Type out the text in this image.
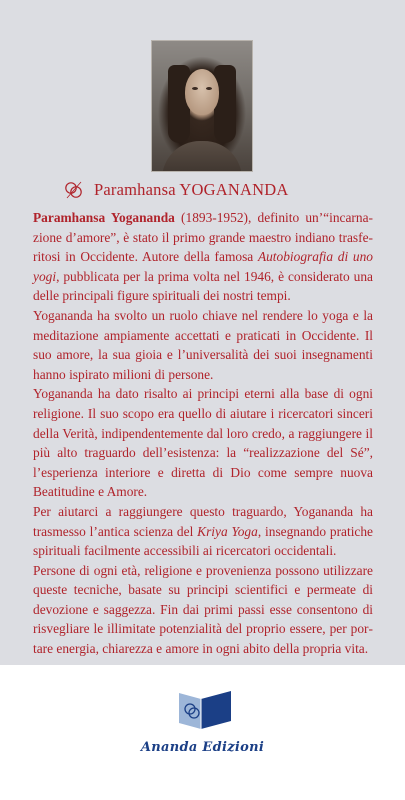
Paramhansa YOGANANDA

Paramhansa Yogananda (1893-1952), definito un’“incarnazione d’amore”, è stato il primo grande maestro indiano trasferitosi in Occidente. Autore della famosa Autobiografia di uno yogi, pubblicata per la prima volta nel 1946, è considerato una delle principali figure spirituali dei nostri tempi.

Yogananda ha svolto un ruolo chiave nel rendere lo yoga e la meditazione ampiamente accettati e praticati in Occidente. Il suo amore, la sua gioia e l’universalità dei suoi insegnamenti hanno ispirato milioni di persone.

Yogananda ha dato risalto ai principi eterni alla base di ogni religione. Il suo scopo era quello di aiutare i ricercatori sinceri della Verità, indipendentemente dal loro credo, a raggiungere il più alto traguardo dell’esistenza: la “realizzazione del Sé”, l’esperienza interiore e diretta di Dio come sempre nuova Beatitudine e Amore.

Per aiutarci a raggiungere questo traguardo, Yogananda ha trasmesso l’antica scienza del Kriya Yoga, insegnando pratiche spirituali facilmente accessibili ai ricercatori occidentali.

Persone di ogni età, religione e provenienza possono utilizzare queste tecniche, basate su principi scientifici e permeate di devozione e saggezza. Fin dai primi passi esse consentono di risvegliare le illimitate potenzialità del proprio essere, per portare energia, chiarezza e amore in ogni abito della propria vita.

Ananda Edizioni
